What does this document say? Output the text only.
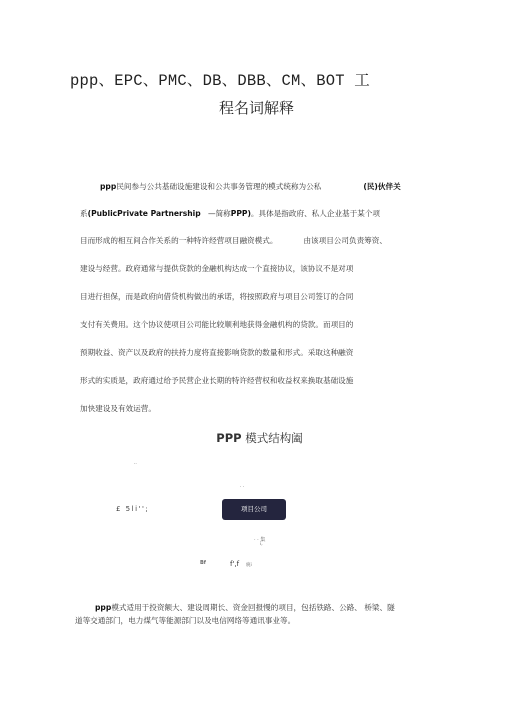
ppp、EPC、PMC、DB、DBB、CM、BOT 工
程名词解释
ppp民间参与公共基础设施建设和公共事务管理的模式统称为公私	(民)伙伴关
系(PublicPrivate Partnership —简称PPP)。具体是指政府、私人企业基于某个项
目而形成的相互间合作关系的一种特许经营项目融资模式。	由该项目公司负责筹资、
建设与经营。政府通常与提供贷款的金融机构达成一个直接协议，该协议不是对项
目进行担保，而是政府向借贷机构做出的承诺，将按照政府与项目公司签订的合同
支付有关费用。这个协议使项目公司能比较顺利地获得金融机构的贷款。而项目的
预期收益、资产以及政府的扶持力度将直接影响贷款的数量和形式。采取这种融资
形式的实质是，政府通过给予民营企业长期的特许经营权和收益权来换取基础设施
加快建设及有效运营。
PPP 模式结构阖
··
· ·
£ 5li'';	项目公司
· · 集
i,
Bf	f',f 疵i
ppp模式适用于投资额大、建设周期长、资金回报慢的项目，包括铁路、公路、 桥梁、隧
道等交通部门，电力煤气等能源部门以及电信网络等通讯事业等。
